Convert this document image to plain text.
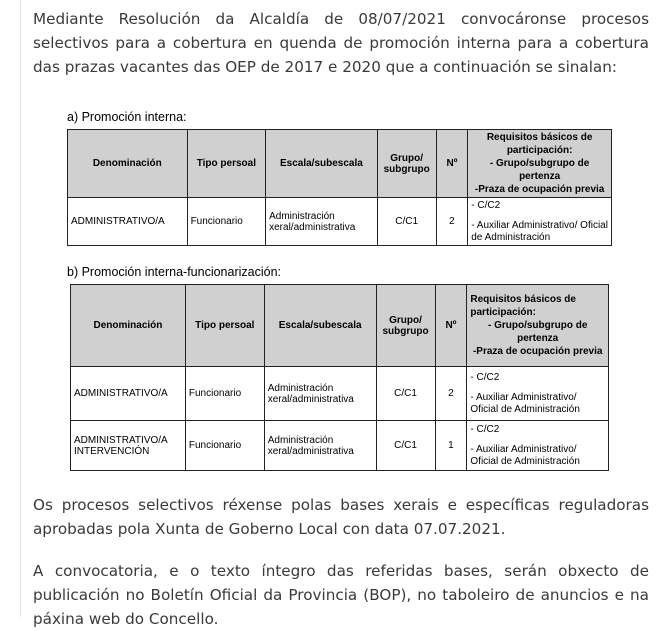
Mediante Resolución da Alcaldía de 08/07/2021 convocáronse procesos selectivos para a cobertura en quenda de promoción interna para a cobertura das prazas vacantes das OEP de 2017 e 2020 que a continuación se sinalan:

a) Promoción interna:
Denominación	Tipo persoal	Escala/subescala	Grupo/ subgrupo	Nº	Requisitos básicos de participación:
- Grupo/subgrupo de pertenza
-Praza de ocupación previa

ADMINISTRATIVO/A	Funcionario	Administración xeral/administrativa	C/C1	2	- C/C2
- Auxiliar Administrativo/ Oficial de Administración
b) Promoción interna-funcionarización:
Denominación	Tipo persoal	Escala/subescala	Grupo/ subgrupo	Nº	Requisitos básicos de participación:
- Grupo/subgrupo de pertenza
-Praza de ocupación previa

ADMINISTRATIVO/A	Funcionario	Administración xeral/administrativa	C/C1	2	- C/C2
- Auxiliar Administrativo/ Oficial de Administración

ADMINISTRATIVO/A INTERVENCIÓN	Funcionario	Administración xeral/administrativa	C/C1	1	- C/C2
- Auxiliar Administrativo/ Oficial de Administración

Os procesos selectivos réxense polas bases xerais e específicas reguladoras aprobadas pola Xunta de Goberno Local con data 07.07.2021.

A convocatoria, e o texto íntegro das referidas bases, serán obxecto de publicación no Boletín Oficial da Provincia (BOP), no taboleiro de anuncios e na páxina web do Concello.
